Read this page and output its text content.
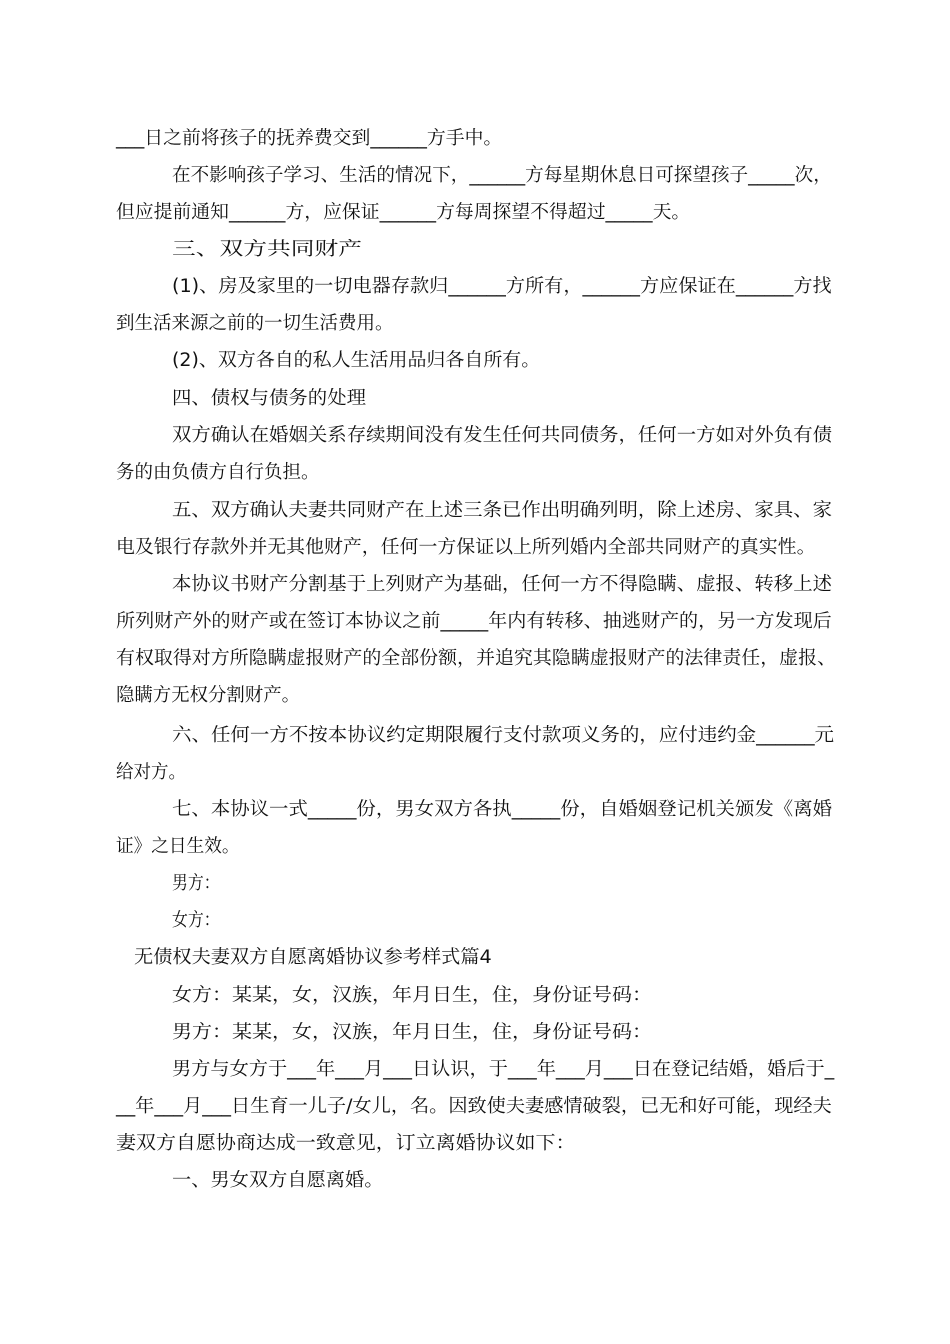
___日之前将孩子的抚养费交到______方手中。
在不影响孩子学习、生活的情况下，______方每星期休息日可探望孩子_____次，
但应提前通知______方，应保证______方每周探望不得超过_____天。
三、双方共同财产
(1)、房及家里的一切电器存款归______方所有，______方应保证在______方找
到生活来源之前的一切生活费用。
(2)、双方各自的私人生活用品归各自所有。
四、债权与债务的处理
双方确认在婚姻关系存续期间没有发生任何共同债务，任何一方如对外负有债
务的由负债方自行负担。
五、双方确认夫妻共同财产在上述三条已作出明确列明，除上述房、家具、家
电及银行存款外并无其他财产，任何一方保证以上所列婚内全部共同财产的真实性。
本协议书财产分割基于上列财产为基础，任何一方不得隐瞒、虚报、转移上述
所列财产外的财产或在签订本协议之前_____年内有转移、抽逃财产的，另一方发现后
有权取得对方所隐瞒虚报财产的全部份额，并追究其隐瞒虚报财产的法律责任，虚报、
隐瞒方无权分割财产。
六、任何一方不按本协议约定期限履行支付款项义务的，应付违约金______元
给对方。
七、本协议一式_____份，男女双方各执_____份，自婚姻登记机关颁发《离婚
证》之日生效。
男方：
女方：
无债权夫妻双方自愿离婚协议参考样式篇4
女方：某某，女，汉族，年月日生，住，身份证号码：
男方：某某，女，汉族，年月日生，住，身份证号码：
男方与女方于___年___月___日认识，于___年___月___日在登记结婚，婚后于_
__年___月___日生育一儿子/女儿，名。因致使夫妻感情破裂，已无和好可能，现经夫
妻双方自愿协商达成一致意见，订立离婚协议如下：
一、男女双方自愿离婚。
